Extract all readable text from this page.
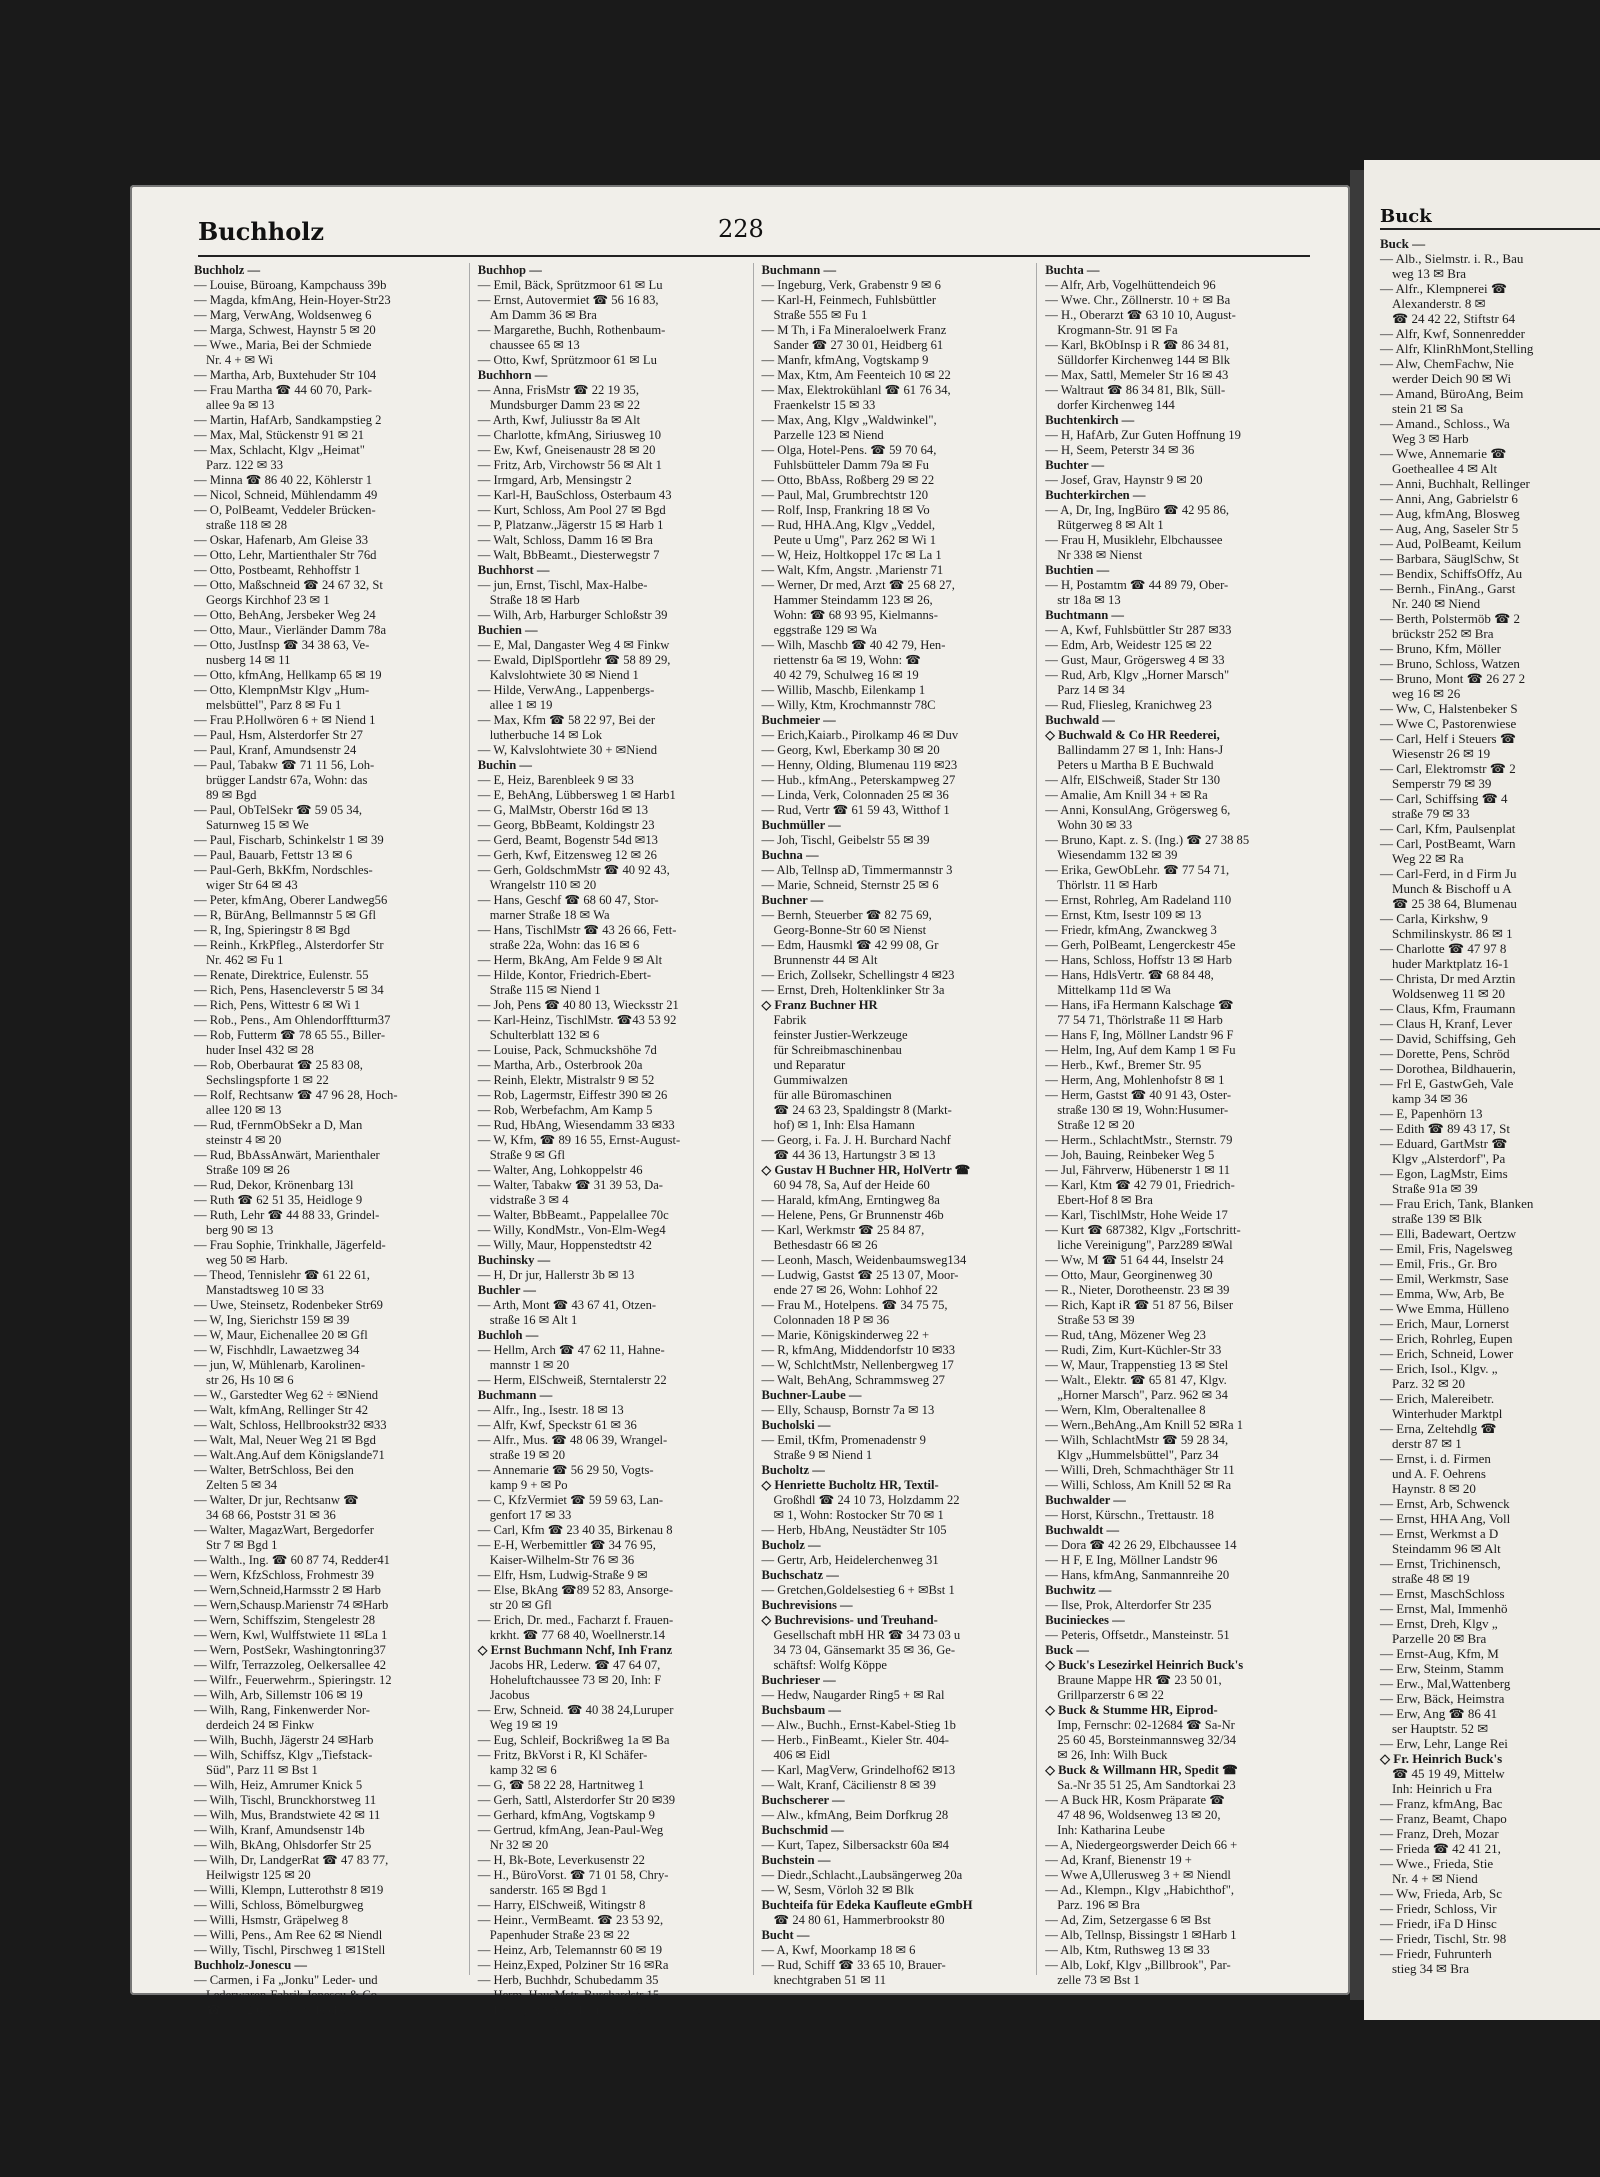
Buchholz	228
Buchholz —
— Louise, Büroang, Kampchauss 39b
— Magda, kfmAng, Hein-Hoyer-Str23
— Marg, VerwAng, Woldsenweg 6
— Marga, Schwest, Haynstr 5 ✉ 20
— Wwe., Maria, Bei der Schmiede
Nr. 4 + ✉ Wi
— Martha, Arb, Buxtehuder Str 104
— Frau Martha ☎ 44 60 70, Park-
allee 9a ✉ 13
— Martin, HafArb, Sandkampstieg 2
— Max, Mal, Stückenstr 91 ✉ 21
— Max, Schlacht, Klgv „Heimat"
Parz. 122 ✉ 33
— Minna ☎ 86 40 22, Köhlerstr 1
— Nicol, Schneid, Mühlendamm 49
— O, PolBeamt, Veddeler Brücken-
straße 118 ✉ 28
— Oskar, Hafenarb, Am Gleise 33
— Otto, Lehr, Martienthaler Str 76d
— Otto, Postbeamt, Rehhoffstr 1
— Otto, Maßschneid ☎ 24 67 32, St
Georgs Kirchhof 23 ✉ 1
— Otto, BehAng, Jersbeker Weg 24
— Otto, Maur., Vierländer Damm 78a
— Otto, JustInsp ☎ 34 38 63, Ve-
nusberg 14 ✉ 11
— Otto, kfmAng, Hellkamp 65 ✉ 19
— Otto, KlempnMstr Klgv „Hum-
melsbüttel", Parz 8 ✉ Fu 1
— Frau P.Hollwören 6 + ✉ Niend 1
— Paul, Hsm, Alsterdorfer Str 27
— Paul, Kranf, Amundsenstr 24
— Paul, Tabakw ☎ 71 11 56, Loh-
brügger Landstr 67a, Wohn: das
89 ✉ Bgd
— Paul, ObTelSekr ☎ 59 05 34,
Saturnweg 15 ✉ We
— Paul, Fischarb, Schinkelstr 1 ✉ 39
— Paul, Bauarb, Fettstr 13 ✉ 6
— Paul-Gerh, BkKfm, Nordschles-
wiger Str 64 ✉ 43
— Peter, kfmAng, Oberer Landweg56
— R, BürAng, Bellmannstr 5 ✉ Gfl
— R, Ing, Spieringstr 8 ✉ Bgd
— Reinh., KrkPfleg., Alsterdorfer Str
Nr. 462 ✉ Fu 1
— Renate, Direktrice, Eulenstr. 55
— Rich, Pens, Hasencleverstr 5 ✉ 34
— Rich, Pens, Wittestr 6 ✉ Wi 1
— Rob., Pens., Am Ohlendorfftturm37
— Rob, Futterm ☎ 78 65 55., Biller-
huder Insel 432 ✉ 28
— Rob, Oberbaurat ☎ 25 83 08,
Sechslingspforte 1 ✉ 22
— Rolf, Rechtsanw ☎ 47 96 28, Hoch-
allee 120 ✉ 13
— Rud, tFernmObSekr a D, Man
steinstr 4 ✉ 20
— Rud, BbAssAnwärt, Marienthaler
Straße 109 ✉ 26
— Rud, Dekor, Krönenbarg 13l
— Ruth ☎ 62 51 35, Heidloge 9
— Ruth, Lehr ☎ 44 88 33, Grindel-
berg 90 ✉ 13
— Frau Sophie, Trinkhalle, Jägerfeld-
weg 50 ✉ Harb.
— Theod, Tennislehr ☎ 61 22 61,
Manstadtsweg 10 ✉ 33
— Uwe, Steinsetz, Rodenbeker Str69
— W, Ing, Sierichstr 159 ✉ 39
— W, Maur, Eichenallee 20 ✉ Gfl
— W, Fischhdlr, Lawaetzweg 34
— jun, W, Mühlenarb, Karolinen-
str 26, Hs 10 ✉ 6
— W., Garstedter Weg 62 ÷ ✉Niend
— Walt, kfmAng, Rellinger Str 42
— Walt, Schloss, Hellbrookstr32 ✉33
— Walt, Mal, Neuer Weg 21 ✉ Bgd
— Walt.Ang.Auf dem Königslande71
— Walter, BetrSchloss, Bei den
Zelten 5 ✉ 34
— Walter, Dr jur, Rechtsanw ☎
34 68 66, Poststr 31 ✉ 36
— Walter, MagazWart, Bergedorfer
Str 7 ✉ Bgd 1
— Walth., Ing. ☎ 60 87 74, Redder41
— Wern, KfzSchloss, Frohmestr 39
— Wern,Schneid,Harmsstr 2 ✉ Harb
— Wern,Schausp.Marienstr 74 ✉Harb
— Wern, Schiffszim, Stengelestr 28
— Wern, Kwl, Wulffstwiete 11 ✉La 1
— Wern, PostSekr, Washingtonring37
— Wilfr, Terrazzoleg, Oelkersallee 42
— Wilfr., Feuerwehrm., Spieringstr. 12
— Wilh, Arb, Sillemstr 106 ✉ 19
— Wilh, Rang, Finkenwerder Nor-
derdeich 24 ✉ Finkw
— Wilh, Buchh, Jägerstr 24 ✉Harb
— Wilh, Schiffsz, Klgv „Tiefstack-
Süd", Parz 11 ✉ Bst 1
— Wilh, Heiz, Amrumer Knick 5
— Wilh, Tischl, Brunckhorstweg 11
— Wilh, Mus, Brandstwiete 42 ✉ 11
— Wilh, Kranf, Amundsenstr 14b
— Wilh, BkAng, Ohlsdorfer Str 25
— Wilh, Dr, LandgerRat ☎ 47 83 77,
Heilwigstr 125 ✉ 20
— Willi, Klempn, Lutterothstr 8 ✉19
— Willi, Schloss, Bömelburgweg
— Willi, Hsmstr, Gräpelweg 8
— Willi, Pens., Am Ree 62 ✉ Niendl
— Willy, Tischl, Pirschweg 1 ✉1Stell
Buchholz-Jonescu —
— Carmen, i Fa „Jonku" Leder- und
Lederwaren-Fabrik Jonescu & Co
☎ 68 12 00, Kattunbleiche 35
Buchhop —
— Emil, Bäck, Sprützmoor 61 ✉ Lu
— Ernst, Autovermiet ☎ 56 16 83,
Am Damm 36 ✉ Bra
— Margarethe, Buchh, Rothenbaum-
chaussee 65 ✉ 13
— Otto, Kwf, Sprützmoor 61 ✉ Lu
Buchhorn —
— Anna, FrisMstr ☎ 22 19 35,
Mundsburger Damm 23 ✉ 22
— Arth, Kwf, Juliusstr 8a ✉ Alt
— Charlotte, kfmAng, Siriusweg 10
— Ew, Kwf, Gneisenaustr 28 ✉ 20
— Fritz, Arb, Virchowstr 56 ✉ Alt 1
— Irmgard, Arb, Mensingstr 2
— Karl-H, BauSchloss, Osterbaum 43
— Kurt, Schloss, Am Pool 27 ✉ Bgd
— P, Platzanw.,Jägerstr 15 ✉ Harb 1
— Walt, Schloss, Damm 16 ✉ Bra
— Walt, BbBeamt., Diesterwegstr 7
Buchhorst —
— jun, Ernst, Tischl, Max-Halbe-
Straße 18 ✉ Harb
— Wilh, Arb, Harburger Schloßstr 39
Buchien —
— E, Mal, Dangaster Weg 4 ✉ Finkw
— Ewald, DiplSportlehr ☎ 58 89 29,
Kalvslohtwiete 30 ✉ Niend 1
— Hilde, VerwAng., Lappenbergs-
allee 1 ✉ 19
— Max, Kfm ☎ 58 22 97, Bei der
lutherbuche 14 ✉ Lok
— W, Kalvslohtwiete 30 + ✉Niend
Buchin —
— E, Heiz, Barenbleek 9 ✉ 33
— E, BehAng, Lübbersweg 1 ✉ Harb1
— G, MalMstr, Oberstr 16d ✉ 13
— Georg, BbBeamt, Koldingstr 23
— Gerd, Beamt, Bogenstr 54d ✉13
— Gerh, Kwf, Eitzensweg 12 ✉ 26
— Gerh, GoldschmMstr ☎ 40 92 43,
Wrangelstr 110 ✉ 20
— Hans, Geschf ☎ 68 60 47, Stor-
marner Straße 18 ✉ Wa
— Hans, TischlMstr ☎ 43 26 66, Fett-
straße 22a, Wohn: das 16 ✉ 6
— Herm, BkAng, Am Felde 9 ✉ Alt
— Hilde, Kontor, Friedrich-Ebert-
Straße 115 ✉ Niend 1
— Joh, Pens ☎ 40 80 13, Wiecksstr 21
— Karl-Heinz, TischlMstr. ☎43 53 92
Schulterblatt 132 ✉ 6
— Louise, Pack, Schmuckshöhe 7d
— Martha, Arb., Osterbrook 20a
— Reinh, Elektr, Mistralstr 9 ✉ 52
— Rob, Lagermstr, Eiffestr 390 ✉ 26
— Rob, Werbefachm, Am Kamp 5
— Rud, HbAng, Wiesendamm 33 ✉33
— W, Kfm, ☎ 89 16 55, Ernst-August-
Straße 9 ✉ Gfl
— Walter, Ang, Lohkoppelstr 46
— Walter, Tabakw ☎ 31 39 53, Da-
vidstraße 3 ✉ 4
— Walter, BbBeamt., Pappelallee 70c
— Willy, KondMstr., Von-Elm-Weg4
— Willy, Maur, Hoppenstedtstr 42
Buchinsky —
— H, Dr jur, Hallerstr 3b ✉ 13
Buchler —
— Arth, Mont ☎ 43 67 41, Otzen-
straße 16 ✉ Alt 1
Buchloh —
— Hellm, Arch ☎ 47 62 11, Hahne-
mannstr 1 ✉ 20
— Herm, ElSchweiß, Sterntalerstr 22
Buchmann —
— Alfr., Ing., Isestr. 18 ✉ 13
— Alfr, Kwf, Speckstr 61 ✉ 36
— Alfr., Mus. ☎ 48 06 39, Wrangel-
straße 19 ✉ 20
— Annemarie ☎ 56 29 50, Vogts-
kamp 9 + ✉ Po
— C, KfzVermiet ☎ 59 59 63, Lan-
genfort 17 ✉ 33
— Carl, Kfm ☎ 23 40 35, Birkenau 8
— E-H, Werbemittler ☎ 34 76 95,
Kaiser-Wilhelm-Str 76 ✉ 36
— Elfr, Hsm, Ludwig-Straße 9 ✉
— Else, BkAng ☎89 52 83, Ansorge-
str 20 ✉ Gfl
— Erich, Dr. med., Facharzt f. Frauen-
krkht. ☎ 77 68 40, Woellnerstr.14
◇ Ernst Buchmann Nchf, Inh Franz
Jacobs HR, Lederw. ☎ 47 64 07,
Hoheluftchaussee 73 ✉ 20, Inh: F
Jacobus
— Erw, Schneid. ☎ 40 38 24,Luruper
Weg 19 ✉ 19
— Eug, Schleif, Bockrißweg 1a ✉ Ba
— Fritz, BkVorst i R, Kl Schäfer-
kamp 32 ✉ 6
— G, ☎ 58 22 28, Hartnitweg 1
— Gerh, Sattl, Alsterdorfer Str 20 ✉39
— Gerhard, kfmAng, Vogtskamp 9
— Gertrud, kfmAng, Jean-Paul-Weg
Nr 32 ✉ 20
— H, Bk-Bote, Leverkusenstr 22
— H., BüroVorst. ☎ 71 01 58, Chry-
sanderstr. 165 ✉ Bgd 1
— Harry, ElSchweiß, Witingstr 8
— Heinr., VermBeamt. ☎ 23 53 92,
Papenhuder Straße 23 ✉ 22
— Heinz, Arb, Telemannstr 60 ✉ 19
— Heinz,Exped, Polziner Str 16 ✉Ra
— Herb, Buchhdr, Schubedamm 35
— Herm, HausMstr, Burchardstr 15
— Frau I, kfmAng, Lißmannseck 7
Buchmann —
— Ingeburg, Verk, Grabenstr 9 ✉ 6
— Karl-H, Feinmech, Fuhlsbüttler
Straße 555 ✉ Fu 1
— M Th, i Fa Mineraloelwerk Franz
Sander ☎ 27 30 01, Heidberg 61
— Manfr, kfmAng, Vogtskamp 9
— Max, Ktm, Am Feenteich 10 ✉ 22
— Max, Elektrokühlanl ☎ 61 76 34,
Fraenkelstr 15 ✉ 33
— Max, Ang, Klgv „Waldwinkel",
Parzelle 123 ✉ Niend
— Olga, Hotel-Pens. ☎ 59 70 64,
Fuhlsbütteler Damm 79a ✉ Fu
— Otto, BbAss, Roßberg 29 ✉ 22
— Paul, Mal, Grumbrechtstr 120
— Rolf, Insp, Frankring 18 ✉ Vo
— Rud, HHA.Ang, Klgv „Veddel,
Peute u Umg", Parz 262 ✉ Wi 1
— W, Heiz, Holtkoppel 17c ✉ La 1
— Walt, Kfm, Angstr. ,Marienstr 71
— Werner, Dr med, Arzt ☎ 25 68 27,
Hammer Steindamm 123 ✉ 26,
Wohn: ☎ 68 93 95, Kielmanns-
eggstraße 129 ✉ Wa
— Wilh, Maschb ☎ 40 42 79, Hen-
riettenstr 6a ✉ 19, Wohn: ☎
40 42 79, Schulweg 16 ✉ 19
— Willib, Maschb, Eilenkamp 1
— Willy, Ktm, Krochmannstr 78C
Buchmeier —
— Erich,Kaiarb., Pirolkamp 46 ✉ Duv
— Georg, Kwl, Eberkamp 30 ✉ 20
— Henny, Olding, Blumenau 119 ✉23
— Hub., kfmAng., Peterskampweg 27
— Linda, Verk, Colonnaden 25 ✉ 36
— Rud, Vertr ☎ 61 59 43, Witthof 1
Buchmüller —
— Joh, Tischl, Geibelstr 55 ✉ 39
Buchna —
— Alb, Tellnsp aD, Timmermannstr 3
— Marie, Schneid, Sternstr 25 ✉ 6
Buchner —
— Bernh, Steuerber ☎ 82 75 69,
Georg-Bonne-Str 60 ✉ Nienst
— Edm, Hausmkl ☎ 42 99 08, Gr
Brunnenstr 44 ✉ Alt
— Erich, Zollsekr, Schellingstr 4 ✉23
— Ernst, Dreh, Holtenklinker Str 3a
◇ Franz Buchner HR
Fabrik
feinster Justier-Werkzeuge
für Schreibmaschinenbau
und Reparatur
Gummiwalzen
für alle Büromaschinen
☎ 24 63 23, Spaldingstr 8 (Markt-
hof) ✉ 1, Inh: Elsa Hamann
— Georg, i. Fa. J. H. Burchard Nachf
☎ 44 36 13, Hartungstr 3 ✉ 13
◇ Gustav H Buchner HR, HolVertr ☎
60 94 78, Sa, Auf der Heide 60
— Harald, kfmAng, Erntingweg 8a
— Helene, Pens, Gr Brunnenstr 46b
— Karl, Werkmstr ☎ 25 84 87,
Bethesdastr 66 ✉ 26
— Leonh, Masch, Weidenbaumsweg134
— Ludwig, Gastst ☎ 25 13 07, Moor-
ende 27 ✉ 26, Wohn: Lohhof 22
— Frau M., Hotelpens. ☎ 34 75 75,
Colonnaden 18 P ✉ 36
— Marie, Königskinderweg 22 +
— R, kfmAng, Middendorfstr 10 ✉33
— W, SchlchtMstr, Nellenbergweg 17
— Walt, BehAng, Schrammsweg 27
Buchner-Laube —
— Elly, Schausp, Bornstr 7a ✉ 13
Bucholski —
— Emil, tKfm, Promenadenstr 9
Straße 9 ✉ Niend 1
Bucholtz —
◇ Henriette Bucholtz HR, Textil-
Großhdl ☎ 24 10 73, Holzdamm 22
✉ 1, Wohn: Rostocker Str 70 ✉ 1
— Herb, HbAng, Neustädter Str 105
Bucholz —
— Gertr, Arb, Heidelerchenweg 31
Buchschatz —
— Gretchen,Goldelsestieg 6 + ✉Bst 1
Buchrevisions —
◇ Buchrevisions- und Treuhand-
Gesellschaft mbH HR ☎ 34 73 03 u
34 73 04, Gänsemarkt 35 ✉ 36, Ge-
schäftsf: Wolfg Köppe
Buchrieser —
— Hedw, Naugarder Ring5 + ✉ Ral
Buchsbaum —
— Alw., Buchh., Ernst-Kabel-Stieg 1b
— Herb., FinBeamt., Kieler Str. 404-
406 ✉ Eidl
— Karl, MagVerw, Grindelhof62 ✉13
— Walt, Kranf, Cäcilienstr 8 ✉ 39
Buchscherer —
— Alw., kfmAng, Beim Dorfkrug 28
Buchschmid —
— Kurt, Tapez, Silbersackstr 60a ✉4
Buchstein —
— Diedr.,Schlacht.,Laubsängerweg 20a
— W, Sesm, Vörloh 32 ✉ Blk
Buchteifa für Edeka Kaufleute eGmbH
☎ 24 80 61, Hammerbrookstr 80
Bucht —
— A, Kwf, Moorkamp 18 ✉ 6
— Rud, Schiff ☎ 33 65 10, Brauer-
knechtgraben 51 ✉ 11
Buchta —
— Alfr, Arb, Vogelhüttendeich 96
— Wwe. Chr., Zöllnerstr. 10 + ✉ Ba
— H., Oberarzt ☎ 63 10 10, August-
Krogmann-Str. 91 ✉ Fa
— Karl, BkObInsp i R ☎ 86 34 81,
Sülldorfer Kirchenweg 144 ✉ Blk
— Max, Sattl, Memeler Str 16 ✉ 43
— Waltraut ☎ 86 34 81, Blk, Süll-
dorfer Kirchenweg 144
Buchtenkirch —
— H, HafArb, Zur Guten Hoffnung 19
— H, Seem, Peterstr 34 ✉ 36
Buchter —
— Josef, Grav, Haynstr 9 ✉ 20
Buchterkirchen —
— A, Dr, Ing, IngBüro ☎ 42 95 86,
Rütgerweg 8 ✉ Alt 1
— Frau H, Musiklehr, Elbchaussee
Nr 338 ✉ Nienst
Buchtien —
— H, Postamtm ☎ 44 89 79, Ober-
str 18a ✉ 13
Buchtmann —
— A, Kwf, Fuhlsbüttler Str 287 ✉33
— Edm, Arb, Weidestr 125 ✉ 22
— Gust, Maur, Grögersweg 4 ✉ 33
— Rud, Arb, Klgv „Horner Marsch"
Parz 14 ✉ 34
— Rud, Fliesleg, Kranichweg 23
Buchwald —
◇ Buchwald & Co HR Reederei,
Ballindamm 27 ✉ 1, Inh: Hans-J
Peters u Martha B E Buchwald
— Alfr, ElSchweiß, Stader Str 130
— Amalie, Am Knill 34 + ✉ Ra
— Anni, KonsulAng, Grögersweg 6,
Wohn 30 ✉ 33
— Bruno, Kapt. z. S. (Ing.) ☎ 27 38 85
Wiesendamm 132 ✉ 39
— Erika, GewObLehr. ☎ 77 54 71,
Thörlstr. 11 ✉ Harb
— Ernst, Rohrleg, Am Radeland 110
— Ernst, Ktm, Isestr 109 ✉ 13
— Friedr, kfmAng, Zwanckweg 3
— Gerh, PolBeamt, Lengerckestr 45e
— Hans, Schloss, Hoffstr 13 ✉ Harb
— Hans, HdlsVertr. ☎ 68 84 48,
Mittelkamp 11d ✉ Wa
— Hans, iFa Hermann Kalschage ☎
77 54 71, Thörlstraße 11 ✉ Harb
— Hans F, Ing, Möllner Landstr 96 F
— Helm, Ing, Auf dem Kamp 1 ✉ Fu
— Herb., Kwf., Bremer Str. 95
— Herm, Ang, Mohlenhofstr 8 ✉ 1
— Herm, Gastst ☎ 40 91 43, Oster-
straße 130 ✉ 19, Wohn:Husumer-
Straße 12 ✉ 20
— Herm., SchlachtMstr., Sternstr. 79
— Joh, Bauing, Reinbeker Weg 5
— Jul, Fährverw, Hübenerstr 1 ✉ 11
— Karl, Ktm ☎ 42 79 01, Friedrich-
Ebert-Hof 8 ✉ Bra
— Karl, TischlMstr, Hohe Weide 17
— Kurt ☎ 687382, Klgv „Fortschritt-
liche Vereinigung", Parz289 ✉Wal
— Ww, M ☎ 51 64 44, Inselstr 24
— Otto, Maur, Georginenweg 30
— R., Nieter, Dorotheenstr. 23 ✉ 39
— Rich, Kapt iR ☎ 51 87 56, Bilser
Straße 53 ✉ 39
— Rud, tAng, Mözener Weg 23
— Rudi, Zim, Kurt-Küchler-Str 33
— W, Maur, Trappenstieg 13 ✉ Stel
— Walt., Elektr. ☎ 65 81 47, Klgv.
„Horner Marsch", Parz. 962 ✉ 34
— Wern, Klm, Oberaltenallee 8
— Wern.,BehAng.,Am Knill 52 ✉Ra 1
— Wilh, SchlachtMstr ☎ 59 28 34,
Klgv „Hummelsbüttel", Parz 34
— Willi, Dreh, Schmachthäger Str 11
— Willi, Schloss, Am Knill 52 ✉ Ra
Buchwalder —
— Horst, Kürschn., Trettaustr. 18
Buchwaldt —
— Dora ☎ 42 26 29, Elbchaussee 14
— H F, E Ing, Möllner Landstr 96
— Hans, kfmAng, Sanmannreihe 20
Buchwitz —
— Ilse, Prok, Alterdorfer Str 235
Bucinieckes —
— Peteris, Offsetdr., Mansteinstr. 51
Buck —
◇ Buck's Lesezirkel Heinrich Buck's
Braune Mappe HR ☎ 23 50 01,
Grillparzerstr 6 ✉ 22
◇ Buck & Stumme HR, Eiprod-
Imp, Fernschr: 02-12684 ☎ Sa-Nr
25 60 45, Borsteinmannsweg 32/34
✉ 26, Inh: Wilh Buck
◇ Buck & Willmann HR, Spedit ☎
Sa.-Nr 35 51 25, Am Sandtorkai 23
— A Buck HR, Kosm Präparate ☎
47 48 96, Woldsenweg 13 ✉ 20,
Inh: Katharina Leube
— A, Niedergeorgswerder Deich 66 +
— Ad, Kranf, Bienenstr 19 +
— Wwe A,Ullerusweg 3 + ✉ Niendl
— Ad., Klempn., Klgv „Habichthof",
Parz. 196 ✉ Bra
— Ad, Zim, Setzergasse 6 ✉ Bst
— Alb, Tellnsp, Bissingstr 1 ✉Harb 1
— Alb, Ktm, Ruthsweg 13 ✉ 33
— Alb, Lokf, Klgv „Billbrook", Par-
zelle 73 ✉ Bst 1
Buck
Buck —
— Alb., Sielmstr. i. R., Bau
weg 13 ✉ Bra
— Alfr., Klempnerei ☎
Alexanderstr. 8 ✉
☎ 24 42 22, Stiftstr 64
— Alfr, Kwf, Sonnenredder
— Alfr, KlinRhMont,Stelling
— Alw, ChemFachw, Nie
werder Deich 90 ✉ Wi
— Amand, BüroAng, Beim
stein 21 ✉ Sa
— Amand., Schloss., Wa
Weg 3 ✉ Harb
— Wwe, Annemarie ☎
Goetheallee 4 ✉ Alt
— Anni, Buchhalt, Rellinger
— Anni, Ang, Gabrielstr 6
— Aug, kfmAng, Blosweg
— Aug, Ang, Saseler Str 5
— Aud, PolBeamt, Keilum
— Barbara, SäuglSchw, St
— Bendix, SchiffsOffz, Au
— Bernh., FinAng., Garst
Nr. 240 ✉ Niend
— Berth, Polstermöb ☎ 2
brückstr 252 ✉ Bra
— Bruno, Kfm, Möller
— Bruno, Schloss, Watzen
— Bruno, Mont ☎ 26 27 2
weg 16 ✉ 26
— Ww, C, Halstenbeker S
— Wwe C, Pastorenwiese
— Carl, Helf i Steuers ☎
Wiesenstr 26 ✉ 19
— Carl, Elektromstr ☎ 2
Semperstr 79 ✉ 39
— Carl, Schiffsing ☎ 4
straße 79 ✉ 33
— Carl, Kfm, Paulsenplat
— Carl, PostBeamt, Warn
Weg 22 ✉ Ra
— Carl-Ferd, in d Firm Ju
Munch & Bischoff u A
☎ 25 38 64, Blumenau
— Carla, Kirkshw, 9
Schmilinskystr. 86 ✉ 1
— Charlotte ☎ 47 97 8
huder Marktplatz 16-1
— Christa, Dr med Arztin
Woldsenweg 11 ✉ 20
— Claus, Kfm, Fraumann
— Claus H, Kranf, Lever
— David, Schiffsing, Geh
— Dorette, Pens, Schröd
— Dorothea, Bildhauerin,
— Frl E, GastwGeh, Vale
kamp 34 ✉ 36
— E, Papenhörn 13
— Edith ☎ 89 43 17, St
— Eduard, GartMstr ☎
Klgv „Alsterdorf", Pa
— Egon, LagMstr, Eims
Straße 91a ✉ 39
— Frau Erich, Tank, Blanken
straße 139 ✉ Blk
— Elli, Badewart, Oertzw
— Emil, Fris, Nagelsweg
— Emil, Fris., Gr. Bro
— Emil, Werkmstr, Sase
— Emma, Ww, Arb, Be
— Wwe Emma, Hülleno
— Erich, Maur, Lornerst
— Erich, Rohrleg, Eupen
— Erich, Schneid, Lower
— Erich, Isol., Klgv. „
Parz. 32 ✉ 20
— Erich, Malereibetr.
Winterhuder Marktpl
— Erna, Zeltehdlg ☎
derstr 87 ✉ 1
— Ernst, i. d. Firmen
und A. F. Oehrens
Haynstr. 8 ✉ 20
— Ernst, Arb, Schwenck
— Ernst, HHA Ang, Voll
— Ernst, Werkmst a D
Steindamm 96 ✉ Alt
— Ernst, Trichinensch,
straße 48 ✉ 19
— Ernst, MaschSchloss
— Ernst, Mal, Immenhö
— Ernst, Dreh, Klgv „
Parzelle 20 ✉ Bra
— Ernst-Aug, Kfm, M
— Erw, Steinm, Stamm
— Erw., Mal,Wattenberg
— Erw, Bäck, Heimstra
— Erw, Ang ☎ 86 41
ser Hauptstr. 52 ✉
— Erw, Lehr, Lange Rei
◇ Fr. Heinrich Buck's
☎ 45 19 49, Mittelw
Inh: Heinrich u Fra
— Franz, kfmAng, Bac
— Franz, Beamt, Chapo
— Franz, Dreh, Mozar
— Frieda ☎ 42 41 21,
— Wwe., Frieda, Stie
Nr. 4 + ✉ Niend
— Ww, Frieda, Arb, Sc
— Friedr, Schloss, Vir
— Friedr, iFa D Hinsc
— Friedr, Tischl, Str. 98
— Friedr, Fuhrunterh
stieg 34 ✉ Bra
